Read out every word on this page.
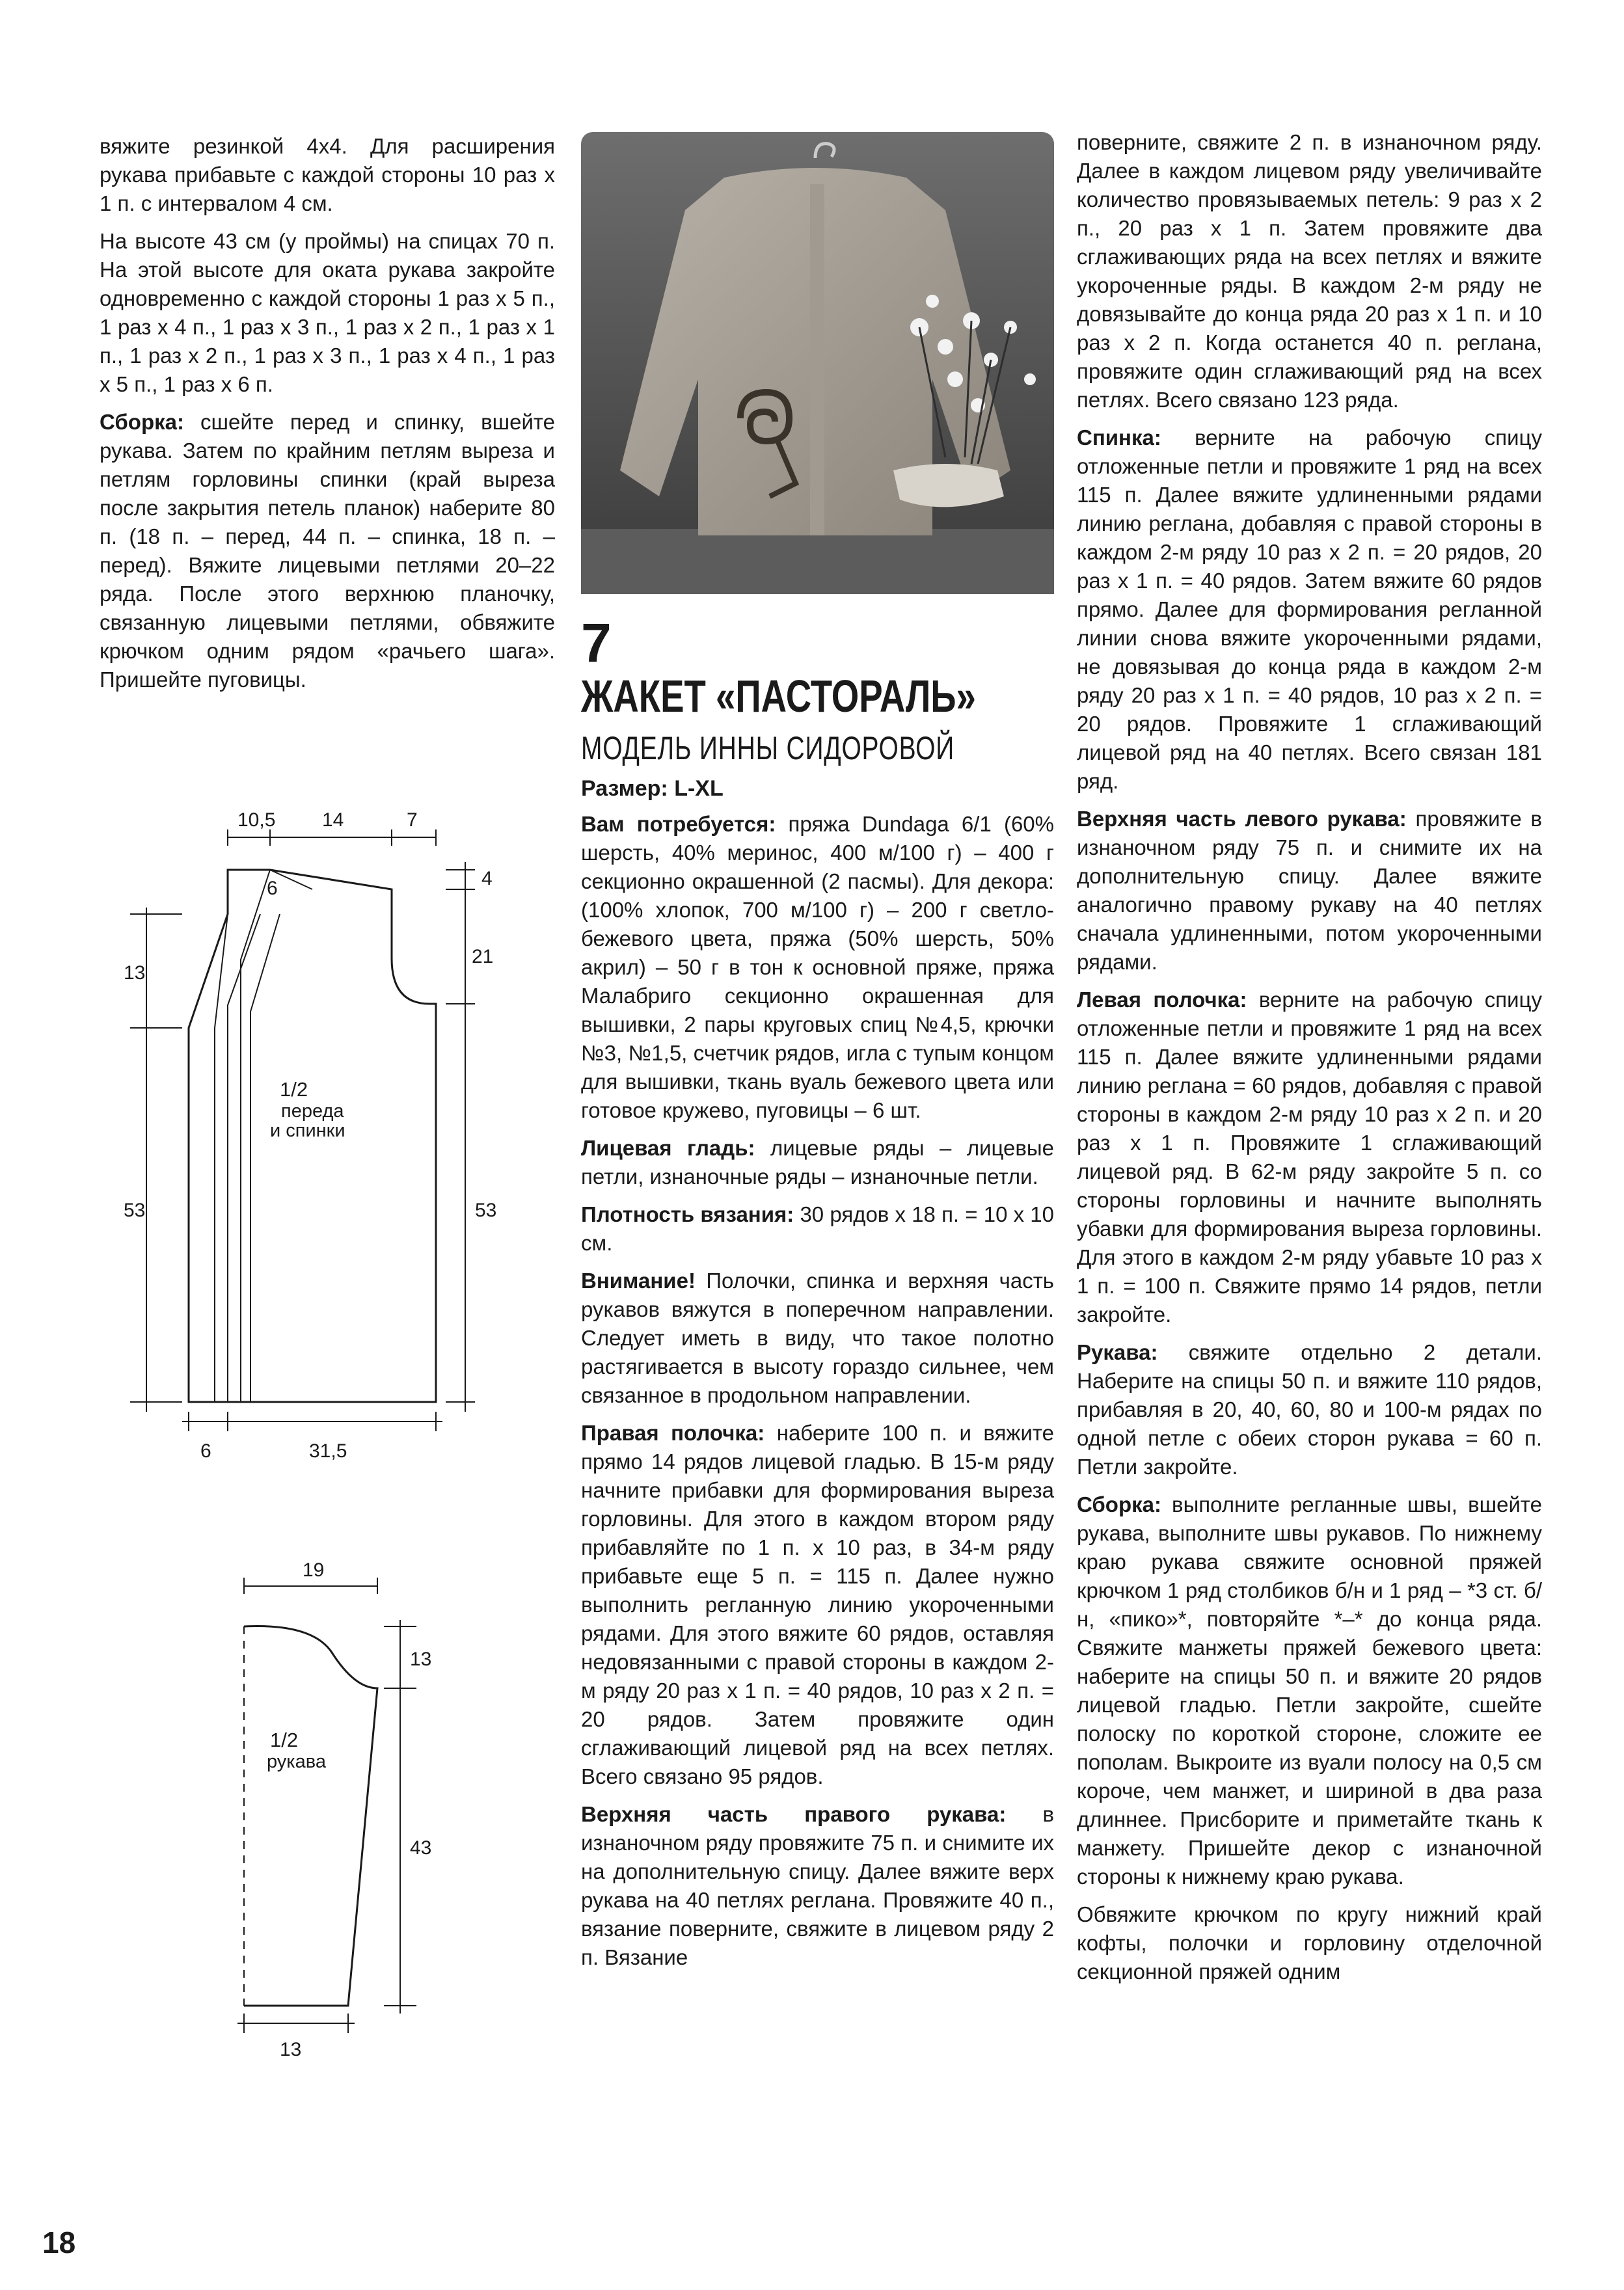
вяжите резинкой 4х4. Для расширения рукава прибавьте с каждой стороны 10 раз х 1 п. с интервалом 4 см.

На высоте 43 см (у проймы) на спицах 70 п. На этой высоте для оката рукава закройте одновременно с каждой стороны 1 раз х 5 п., 1 раз х 4 п., 1 раз х 3 п., 1 раз х 2 п., 1 раз х 1 п., 1 раз х 2 п., 1 раз х 3 п., 1 раз х 4 п., 1 раз х 5 п., 1 раз х 6 п.

Сборка: сшейте перед и спинку, вшейте рукава. Затем по крайним петлям выреза и петлям горловины спинки (край выреза после закрытия петель планок) наберите 80 п. (18 п. – перед, 44 п. – спинка, 18 п. – перед). Вяжите лицевыми петлями 20–22 ряда. После этого верхнюю планочку, связанную лицевыми петлями, обвяжите крючком одним рядом «рачьего шага». Пришейте пуговицы.

10,5 14	7
6	4
21
13
53	53
6	31,5
1/2
переда
и спинки
19
13
43
13
1/2
рукава
7
ЖАКЕТ «ПАСТОРАЛЬ»
МОДЕЛЬ ИННЫ СИДОРОВОЙ
Размер: L-XL

Вам потребуется: пряжа Dundaga 6/1 (60% шерсть, 40% меринос, 400 м/100 г) – 400 г секционно окрашенной (2 пасмы). Для декора: (100% хлопок, 700 м/100 г) – 200 г светло-бежевого цвета, пряжа (50% шерсть, 50% акрил) – 50 г в тон к основной пряже, пряжа Малабриго секционно окрашенная для вышивки, 2 пары круговых спиц №4,5, крючки №3, №1,5, счетчик рядов, игла с тупым концом для вышивки, ткань вуаль бежевого цвета или готовое кружево, пуговицы – 6 шт.

Лицевая гладь: лицевые ряды – лицевые петли, изнаночные ряды – изнаночные петли.

Плотность вязания: 30 рядов х 18 п. = 10 х 10 см.

Внимание! Полочки, спинка и верхняя часть рукавов вяжутся в поперечном направлении. Следует иметь в виду, что такое полотно растягивается в высоту гораздо сильнее, чем связанное в продольном направлении.

Правая полочка: наберите 100 п. и вяжите прямо 14 рядов лицевой гладью. В 15-м ряду начните прибавки для формирования выреза горловины. Для этого в каждом втором ряду прибавляйте по 1 п. х 10 раз, в 34-м ряду прибавьте еще 5 п. = 115 п. Далее нужно выполнить регланную линию укороченными рядами. Для этого вяжите 60 рядов, оставляя недовязанными с правой стороны в каждом 2-м ряду 20 раз х 1 п. = 40 рядов, 10 раз х 2 п. = 20 рядов. Затем провяжите один сглаживающий лицевой ряд на всех петлях. Всего связано 95 рядов.

Верхняя часть правого рукава: в изнаночном ряду провяжите 75 п. и снимите их на дополнительную спицу. Далее вяжите верх рукава на 40 петлях реглана. Провяжите 40 п., вязание поверните, свяжите в лицевом ряду 2 п. Вязание

поверните, свяжите 2 п. в изнаночном ряду. Далее в каждом лицевом ряду увеличивайте количество провязываемых петель: 9 раз х 2 п., 20 раз х 1 п. Затем провяжите два сглаживающих ряда на всех петлях и вяжите укороченные ряды. В каждом 2-м ряду не довязывайте до конца ряда 20 раз х 1 п. и 10 раз х 2 п. Когда останется 40 п. реглана, провяжите один сглаживающий ряд на всех петлях. Всего связано 123 ряда.

Спинка: верните на рабочую спицу отложенные петли и провяжите 1 ряд на всех 115 п. Далее вяжите удлиненными рядами линию реглана, добавляя с правой стороны в каждом 2-м ряду 10 раз х 2 п. = 20 рядов, 20 раз х 1 п. = 40 рядов. Затем вяжите 60 рядов прямо. Далее для формирования регланной линии снова вяжите укороченными рядами, не довязывая до конца ряда в каждом 2-м ряду 20 раз х 1 п. = 40 рядов, 10 раз х 2 п. = 20 рядов. Провяжите 1 сглаживающий лицевой ряд на 40 петлях. Всего связан 181 ряд.

Верхняя часть левого рукава: провяжите в изнаночном ряду 75 п. и снимите их на дополнительную спицу. Далее вяжите аналогично правому рукаву на 40 петлях сначала удлиненными, потом укороченными рядами.

Левая полочка: верните на рабочую спицу отложенные петли и провяжите 1 ряд на всех 115 п. Далее вяжите удлиненными рядами линию реглана = 60 рядов, добавляя с правой стороны в каждом 2-м ряду 10 раз х 2 п. и 20 раз х 1 п. Провяжите 1 сглаживающий лицевой ряд. В 62-м ряду закройте 5 п. со стороны горловины и начните выполнять убавки для формирования выреза горловины. Для этого в каждом 2-м ряду убавьте 10 раз х 1 п. = 100 п. Свяжите прямо 14 рядов, петли закройте.

Рукава: свяжите отдельно 2 детали. Наберите на спицы 50 п. и вяжите 110 рядов, прибавляя в 20, 40, 60, 80 и 100-м рядах по одной петле с обеих сторон рукава = 60 п. Петли закройте.

Сборка: выполните регланные швы, вшейте рукава, выполните швы рукавов. По нижнему краю рукава свяжите основной пряжей крючком 1 ряд столбиков б/н и 1 ряд – *3 ст. б/н, «пико»*, повторяйте *–* до конца ряда. Свяжите манжеты пряжей бежевого цвета: наберите на спицы 50 п. и вяжите 20 рядов лицевой гладью. Петли закройте, сшейте полоску по короткой стороне, сложите ее пополам. Выкроите из вуали полосу на 0,5 см короче, чем манжет, и шириной в два раза длиннее. Присборите и приметайте ткань к манжету. Пришейте декор с изнаночной стороны к нижнему краю рукава.

Обвяжите крючком по кругу нижний край кофты, полочки и горловину отделочной секционной пряжей одним

18
